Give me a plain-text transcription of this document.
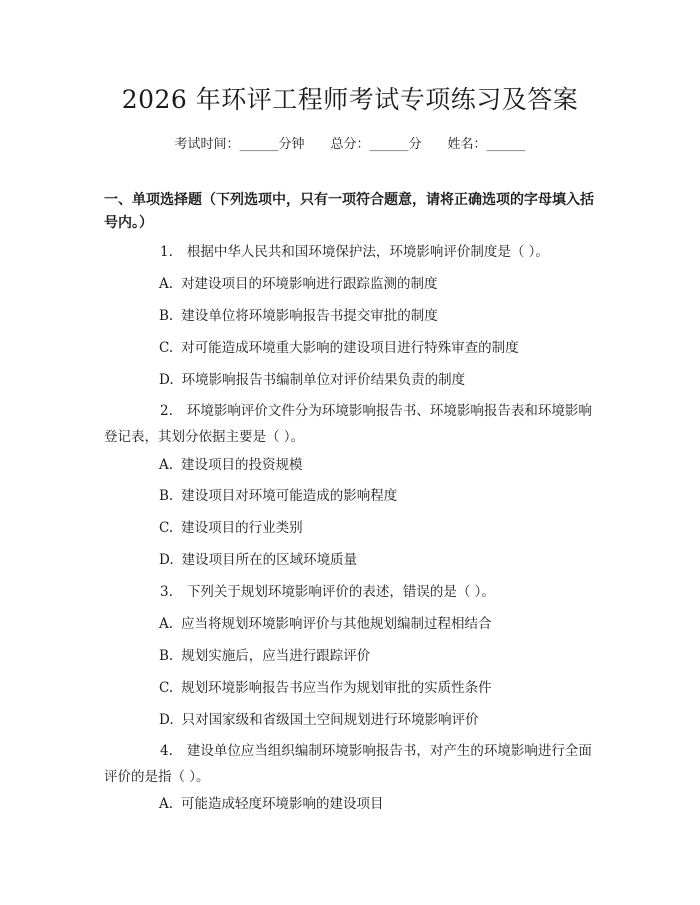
2026 年环评工程师考试专项练习及答案
考试时间：______分钟 总分：______分 姓名：______
一、单项选择题（下列选项中，只有一项符合题意，请将正确选项的字母填入括号内。）
1. 根据中华人民共和国环境保护法，环境影响评价制度是（ ）。
A. 对建设项目的环境影响进行跟踪监测的制度
B. 建设单位将环境影响报告书提交审批的制度
C. 对可能造成环境重大影响的建设项目进行特殊审查的制度
D. 环境影响报告书编制单位对评价结果负责的制度
2. 环境影响评价文件分为环境影响报告书、环境影响报告表和环境影响登记表，其划分依据主要是（ ）。
A. 建设项目的投资规模
B. 建设项目对环境可能造成的影响程度
C. 建设项目的行业类别
D. 建设项目所在的区域环境质量
3. 下列关于规划环境影响评价的表述，错误的是（ ）。
A. 应当将规划环境影响评价与其他规划编制过程相结合
B. 规划实施后，应当进行跟踪评价
C. 规划环境影响报告书应当作为规划审批的实质性条件
D. 只对国家级和省级国土空间规划进行环境影响评价
4. 建设单位应当组织编制环境影响报告书，对产生的环境影响进行全面评价的是指（ ）。
A. 可能造成轻度环境影响的建设项目
